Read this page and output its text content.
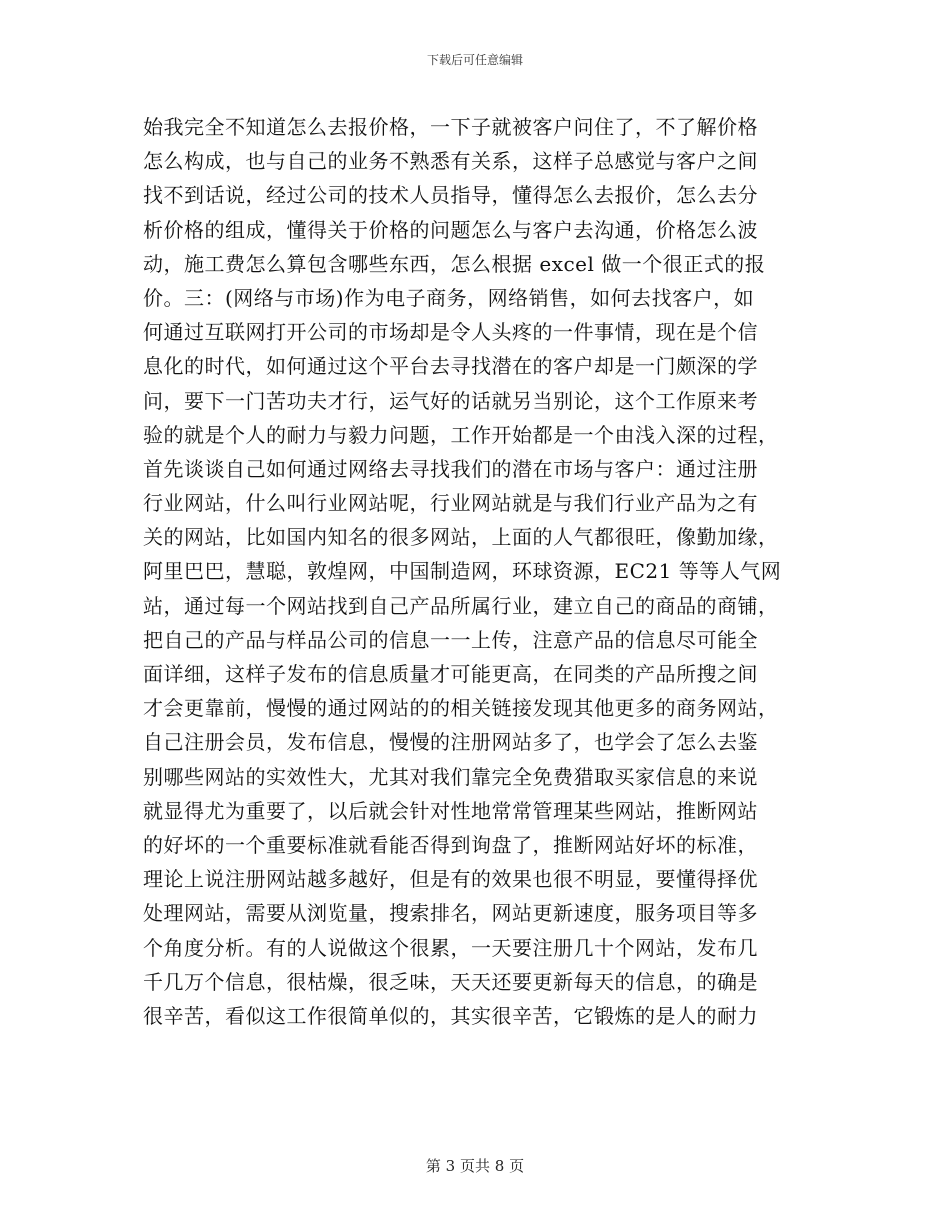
下载后可任意编辑
始我完全不知道怎么去报价格，一下子就被客户问住了，不了解价格
怎么构成，也与自己的业务不熟悉有关系，这样子总感觉与客户之间
找不到话说，经过公司的技术人员指导，懂得怎么去报价，怎么去分
析价格的组成，懂得关于价格的问题怎么与客户去沟通，价格怎么波
动，施工费怎么算包含哪些东西，怎么根据 excel 做一个很正式的报
价。三：(网络与市场)作为电子商务，网络销售，如何去找客户，如
何通过互联网打开公司的市场却是令人头疼的一件事情，现在是个信
息化的时代，如何通过这个平台去寻找潜在的客户却是一门颇深的学
问，要下一门苦功夫才行，运气好的话就另当别论，这个工作原来考
验的就是个人的耐力与毅力问题，工作开始都是一个由浅入深的过程，
首先谈谈自己如何通过网络去寻找我们的潜在市场与客户：通过注册
行业网站，什么叫行业网站呢，行业网站就是与我们行业产品为之有
关的网站，比如国内知名的很多网站，上面的人气都很旺，像勤加缘，
阿里巴巴，慧聪，敦煌网，中国制造网，环球资源，EC21 等等人气网
站，通过每一个网站找到自己产品所属行业，建立自己的商品的商铺，
把自己的产品与样品公司的信息一一上传，注意产品的信息尽可能全
面详细，这样子发布的信息质量才可能更高，在同类的产品所搜之间
才会更靠前，慢慢的通过网站的的相关链接发现其他更多的商务网站，
自己注册会员，发布信息，慢慢的注册网站多了，也学会了怎么去鉴
别哪些网站的实效性大，尤其对我们靠完全免费猎取买家信息的来说
就显得尤为重要了，以后就会针对性地常常管理某些网站，推断网站
的好坏的一个重要标准就看能否得到询盘了，推断网站好坏的标准，
理论上说注册网站越多越好，但是有的效果也很不明显，要懂得择优
处理网站，需要从浏览量，搜索排名，网站更新速度，服务项目等多
个角度分析。有的人说做这个很累，一天要注册几十个网站，发布几
千几万个信息，很枯燥，很乏味，天天还要更新每天的信息，的确是
很辛苦，看似这工作很简单似的，其实很辛苦，它锻炼的是人的耐力
第 3 页共 8 页
